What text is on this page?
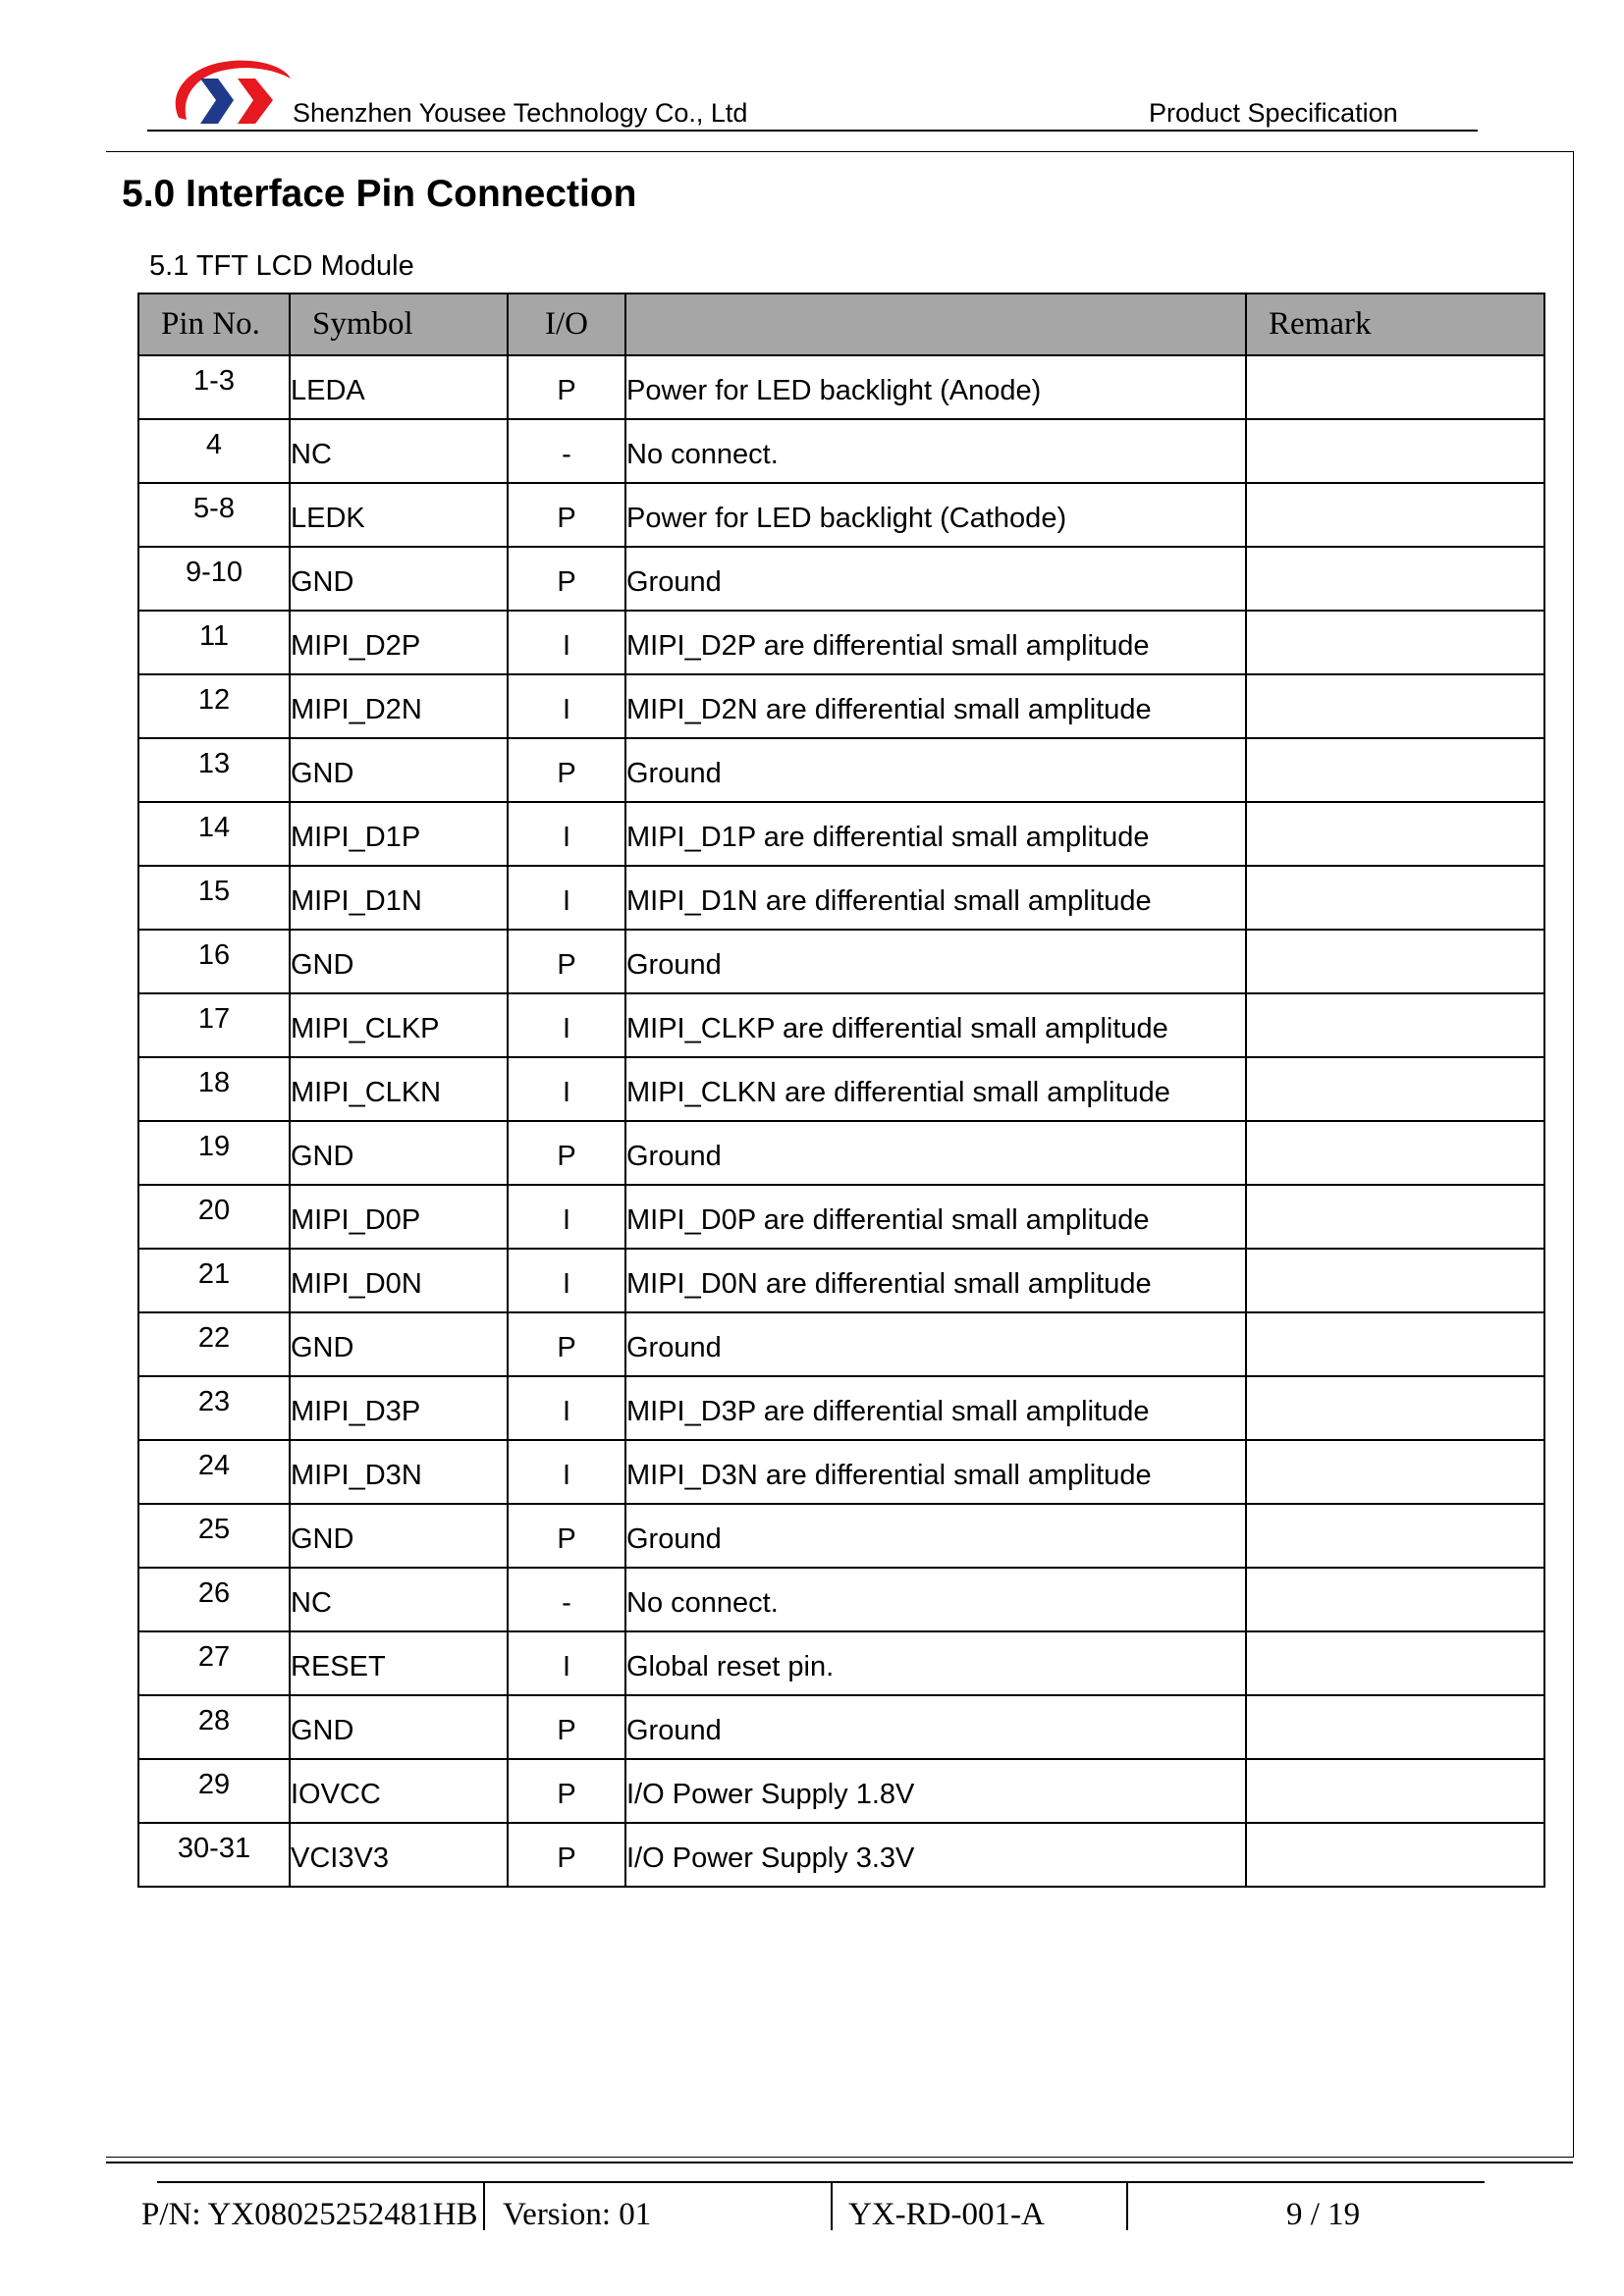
Shenzhen Yousee Technology Co., Ltd	Product Specification
5.0 Interface Pin Connection
5.1 TFT LCD Module
Pin No.	Symbol	I/O		Remark
1-3	LEDA	P	Power for LED backlight (Anode)	
4	NC	-	No connect.	
5-8	LEDK	P	Power for LED backlight (Cathode)	
9-10	GND	P	Ground	
11	MIPI_D2P	I	MIPI_D2P are differential small amplitude	
12	MIPI_D2N	I	MIPI_D2N are differential small amplitude	
13	GND	P	Ground	
14	MIPI_D1P	I	MIPI_D1P are differential small amplitude	
15	MIPI_D1N	I	MIPI_D1N are differential small amplitude	
16	GND	P	Ground	
17	MIPI_CLKP	I	MIPI_CLKP are differential small amplitude	
18	MIPI_CLKN	I	MIPI_CLKN are differential small amplitude	
19	GND	P	Ground	
20	MIPI_D0P	I	MIPI_D0P are differential small amplitude	
21	MIPI_D0N	I	MIPI_D0N are differential small amplitude	
22	GND	P	Ground	
23	MIPI_D3P	I	MIPI_D3P are differential small amplitude	
24	MIPI_D3N	I	MIPI_D3N are differential small amplitude	
25	GND	P	Ground	
26	NC	-	No connect.	
27	RESET	I	Global reset pin.	
28	GND	P	Ground	
29	IOVCC	P	I/O Power Supply 1.8V	
30-31	VCI3V3	P	I/O Power Supply 3.3V	
P/N: YX08025252481HB Version: 01	YX-RD-001-A	9 / 19
